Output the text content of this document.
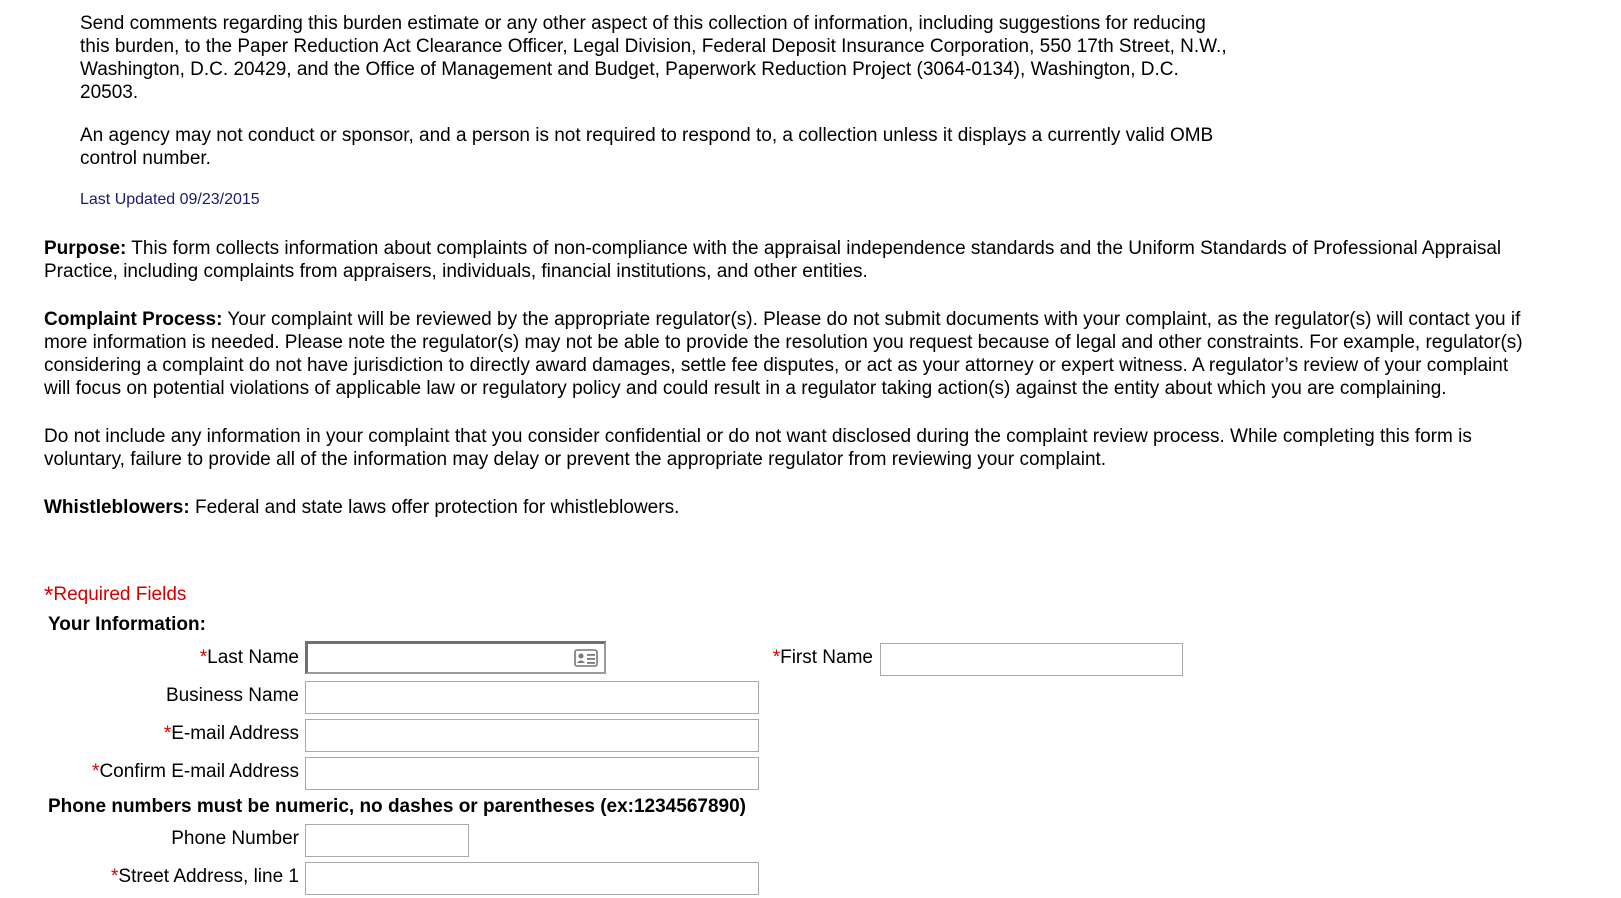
Send comments regarding this burden estimate or any other aspect of this collection of information, including suggestions for reducing this burden, to the Paper Reduction Act Clearance Officer, Legal Division, Federal Deposit Insurance Corporation, 550 17th Street, N.W., Washington, D.C. 20429, and the Office of Management and Budget, Paperwork Reduction Project (3064-0134), Washington, D.C. 20503.

An agency may not conduct or sponsor, and a person is not required to respond to, a collection unless it displays a currently valid OMB control number.

Last Updated 09/23/2015

Purpose: This form collects information about complaints of non-compliance with the appraisal independence standards and the Uniform Standards of Professional Appraisal Practice, including complaints from appraisers, individuals, financial institutions, and other entities.

Complaint Process: Your complaint will be reviewed by the appropriate regulator(s). Please do not submit documents with your complaint, as the regulator(s) will contact you if more information is needed. Please note the regulator(s) may not be able to provide the resolution you request because of legal and other constraints. For example, regulator(s) considering a complaint do not have jurisdiction to directly award damages, settle fee disputes, or act as your attorney or expert witness. A regulator’s review of your complaint will focus on potential violations of applicable law or regulatory policy and could result in a regulator taking action(s) against the entity about which you are complaining.

Do not include any information in your complaint that you consider confidential or do not want disclosed during the complaint review process. While completing this form is voluntary, failure to provide all of the information may delay or prevent the appropriate regulator from reviewing your complaint.

Whistleblowers: Federal and state laws offer protection for whistleblowers.

*Required Fields
Your Information:
*Last Name	*First Name
Business Name
*E-mail Address
*Confirm E-mail Address
Phone numbers must be numeric, no dashes or parentheses (ex:1234567890)
Phone Number
*Street Address, line 1
